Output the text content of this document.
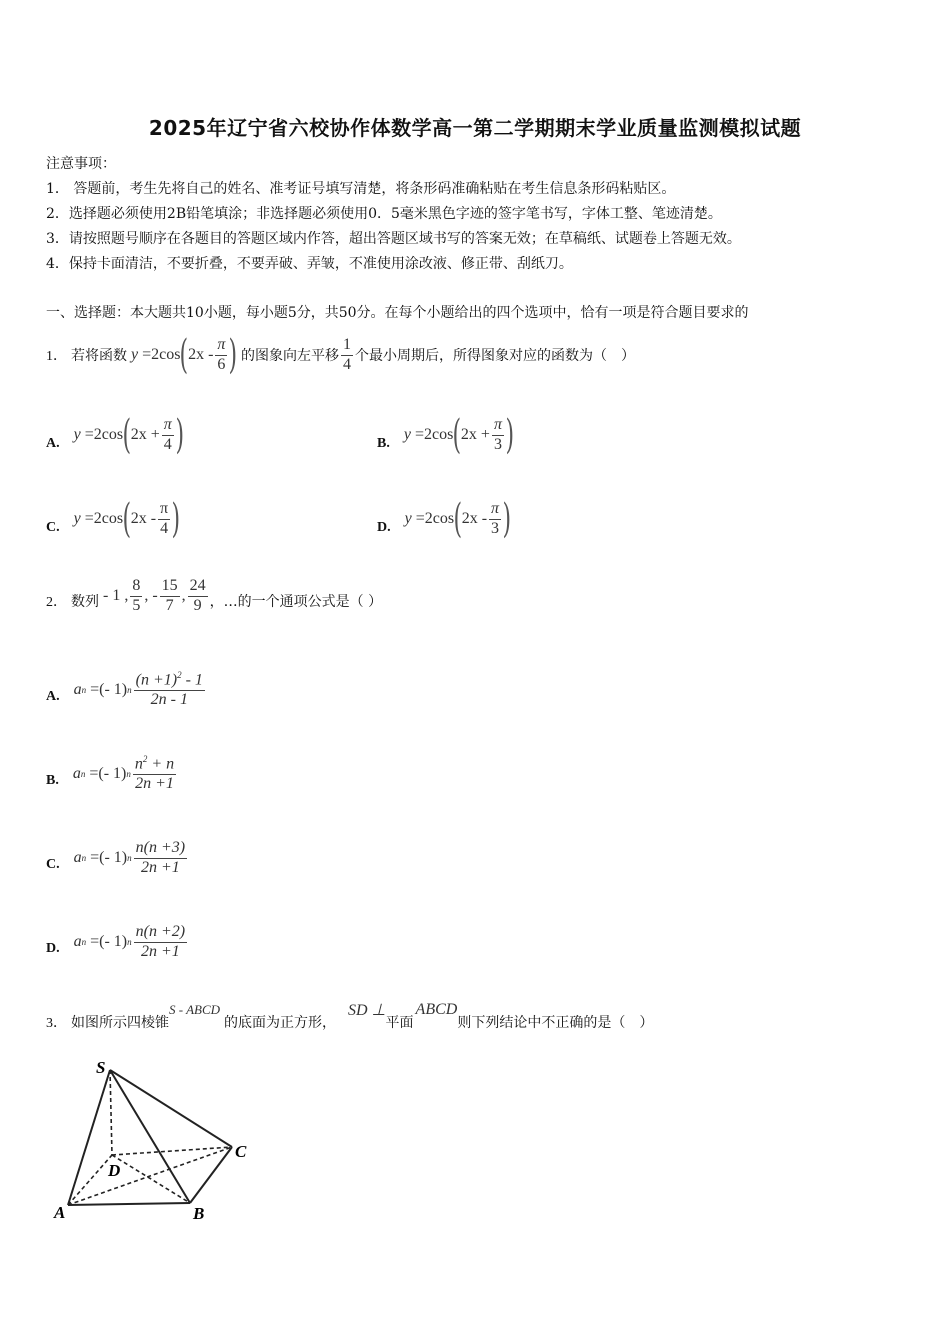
2025年辽宁省六校协作体数学高一第二学期期末学业质量监测模拟试题
注意事项：
1． 答题前，考生先将自己的姓名、准考证号填写清楚，将条形码准确粘贴在考生信息条形码粘贴区。
2．选择题必须使用2B铅笔填涂；非选择题必须使用0．5毫米黑色字迹的签字笔书写，字体工整、笔迹清楚。
3．请按照题号顺序在各题目的答题区域内作答，超出答题区域书写的答案无效；在草稿纸、试题卷上答题无效。
4．保持卡面清洁，不要折叠，不要弄破、弄皱，不准使用涂改液、修正带、刮纸刀。
一、选择题：本大题共10小题，每小题5分，共50分。在每个小题给出的四个选项中，恰有一项是符合题目要求的
1． 若将函数 y
=2cos ( $2x - \frac{\pi}{6}$ ) 的图象向左平移 $\frac{1}{4}$ 个最小周期后，所得图象对应的函数为（　）
A.
y
=2cos ( $2x + \frac{\pi}{4}$ )	B.
y
=2cos ( $2x + \frac{\pi}{3}$ )
C.
y
=2cos ( $2x - \frac{\pi}{4}$ )	D.
y
=2cos ( $2x - \frac{\pi}{3}$ )
2． 数列 - 1 , $\frac{8}{5}$ , - $\frac{15}{7}$ , $\frac{24}{9}$ ，…的一个通项公式是（ ）
A. a n
=(- 1) n $\frac{(n +1)^2 - 1}{2n - 1}$
B. a n
=(- 1) n $\frac{n^2 + n}{2n +1}$
C. a n
=(- 1) n $\frac{n(n +3)}{2n +1}$
D. a n
=(- 1) n $\frac{n(n +2)}{2n +1}$
3． 如图所示四棱锥
S - ABCD
的底面为正方形，
SD ⊥
平面
ABCD
则下列结论中不正确的是（　）
S
A	B
C
D
